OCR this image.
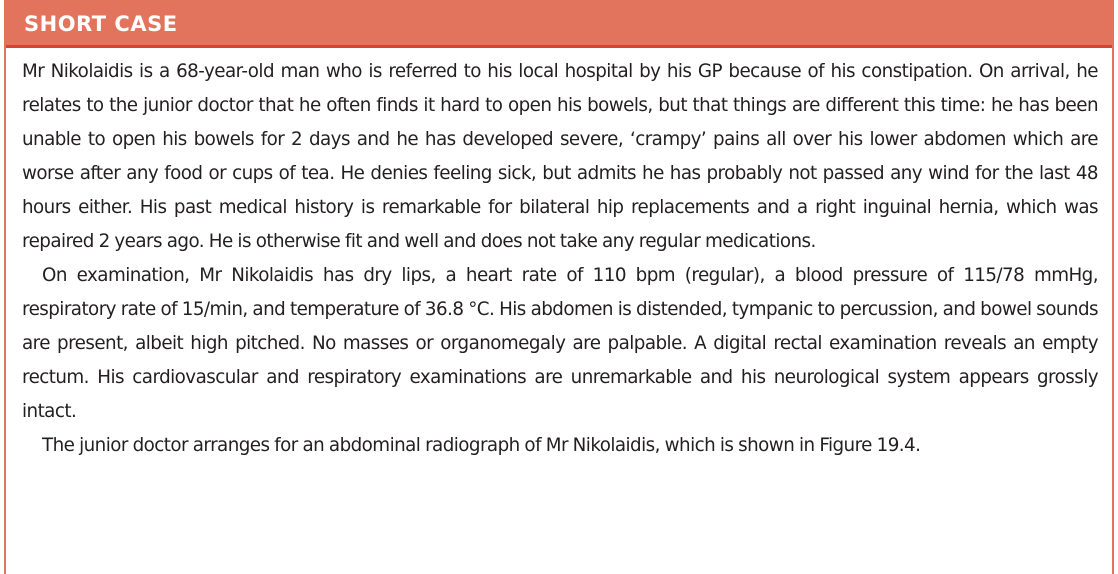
SHORT CASE

Mr Nikolaidis is a 68-year-old man who is referred to his local hospital by his GP because of his constipation. On arrival, he relates to the junior doctor that he often finds it hard to open his bowels, but that things are different this time: he has been unable to open his bowels for 2 days and he has developed severe, ‘crampy’ pains all over his lower abdomen which are worse after any food or cups of tea. He denies feeling sick, but admits he has probably not passed any wind for the last 48 hours either. His past medical history is remarkable for bilateral hip replacements and a right inguinal hernia, which was repaired 2 years ago. He is otherwise fit and well and does not take any regular medications.

On examination, Mr Nikolaidis has dry lips, a heart rate of 110 bpm (regular), a blood pressure of 115/78 mmHg, respiratory rate of 15/min, and temperature of 36.8 °C. His abdomen is distended, tympanic to percussion, and bowel sounds are present, albeit high pitched. No masses or organomegaly are palpable. A digital rectal examination reveals an empty rectum. His cardiovascular and respiratory examinations are unremarkable and his neurological system appears grossly intact.

The junior doctor arranges for an abdominal radiograph of Mr Nikolaidis, which is shown in Figure 19.4.
